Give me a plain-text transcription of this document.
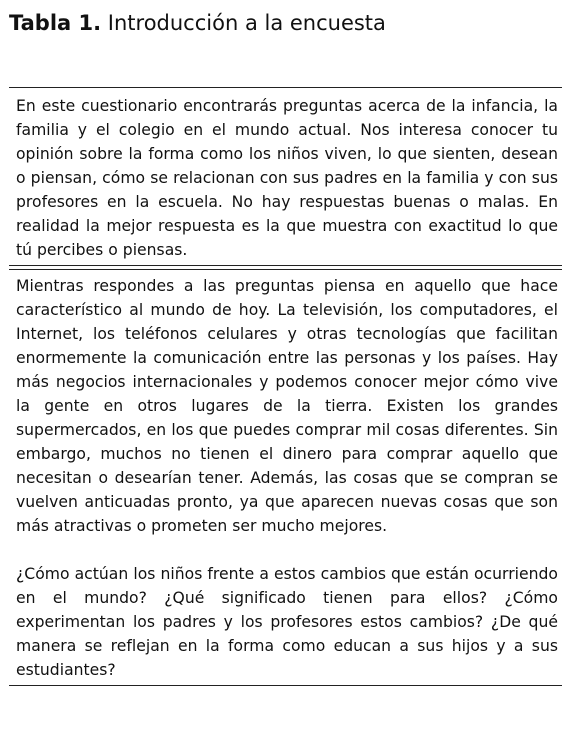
Tabla 1. Introducción a la encuesta

En este cuestionario encontrarás preguntas acerca de la infancia, la familia y el colegio en el mundo actual. Nos interesa conocer tu opinión sobre la forma como los niños viven, lo que sienten, desean o piensan, cómo se relacionan con sus padres en la familia y con sus profesores en la escuela. No hay respuestas buenas o malas. En realidad la mejor respuesta es la que muestra con exactitud lo que tú percibes o piensas.

Mientras respondes a las preguntas piensa en aquello que hace característico al mundo de hoy. La televisión, los computadores, el Internet, los teléfonos celulares y otras tecnologías que facilitan enormemente la comunicación entre las personas y los países. Hay más negocios internacionales y podemos conocer mejor cómo vive la gente en otros lugares de la tierra. Existen los grandes supermercados, en los que puedes comprar mil cosas diferentes. Sin embargo, muchos no tienen el dinero para comprar aquello que necesitan o desearían tener. Además, las cosas que se compran se vuelven anticuadas pronto, ya que aparecen nuevas cosas que son más atractivas o prometen ser mucho mejores.

¿Cómo actúan los niños frente a estos cambios que están ocurriendo en el mundo? ¿Qué significado tienen para ellos? ¿Cómo experimentan los padres y los profesores estos cambios? ¿De qué manera se reflejan en la forma como educan a sus hijos y a sus estudiantes?
